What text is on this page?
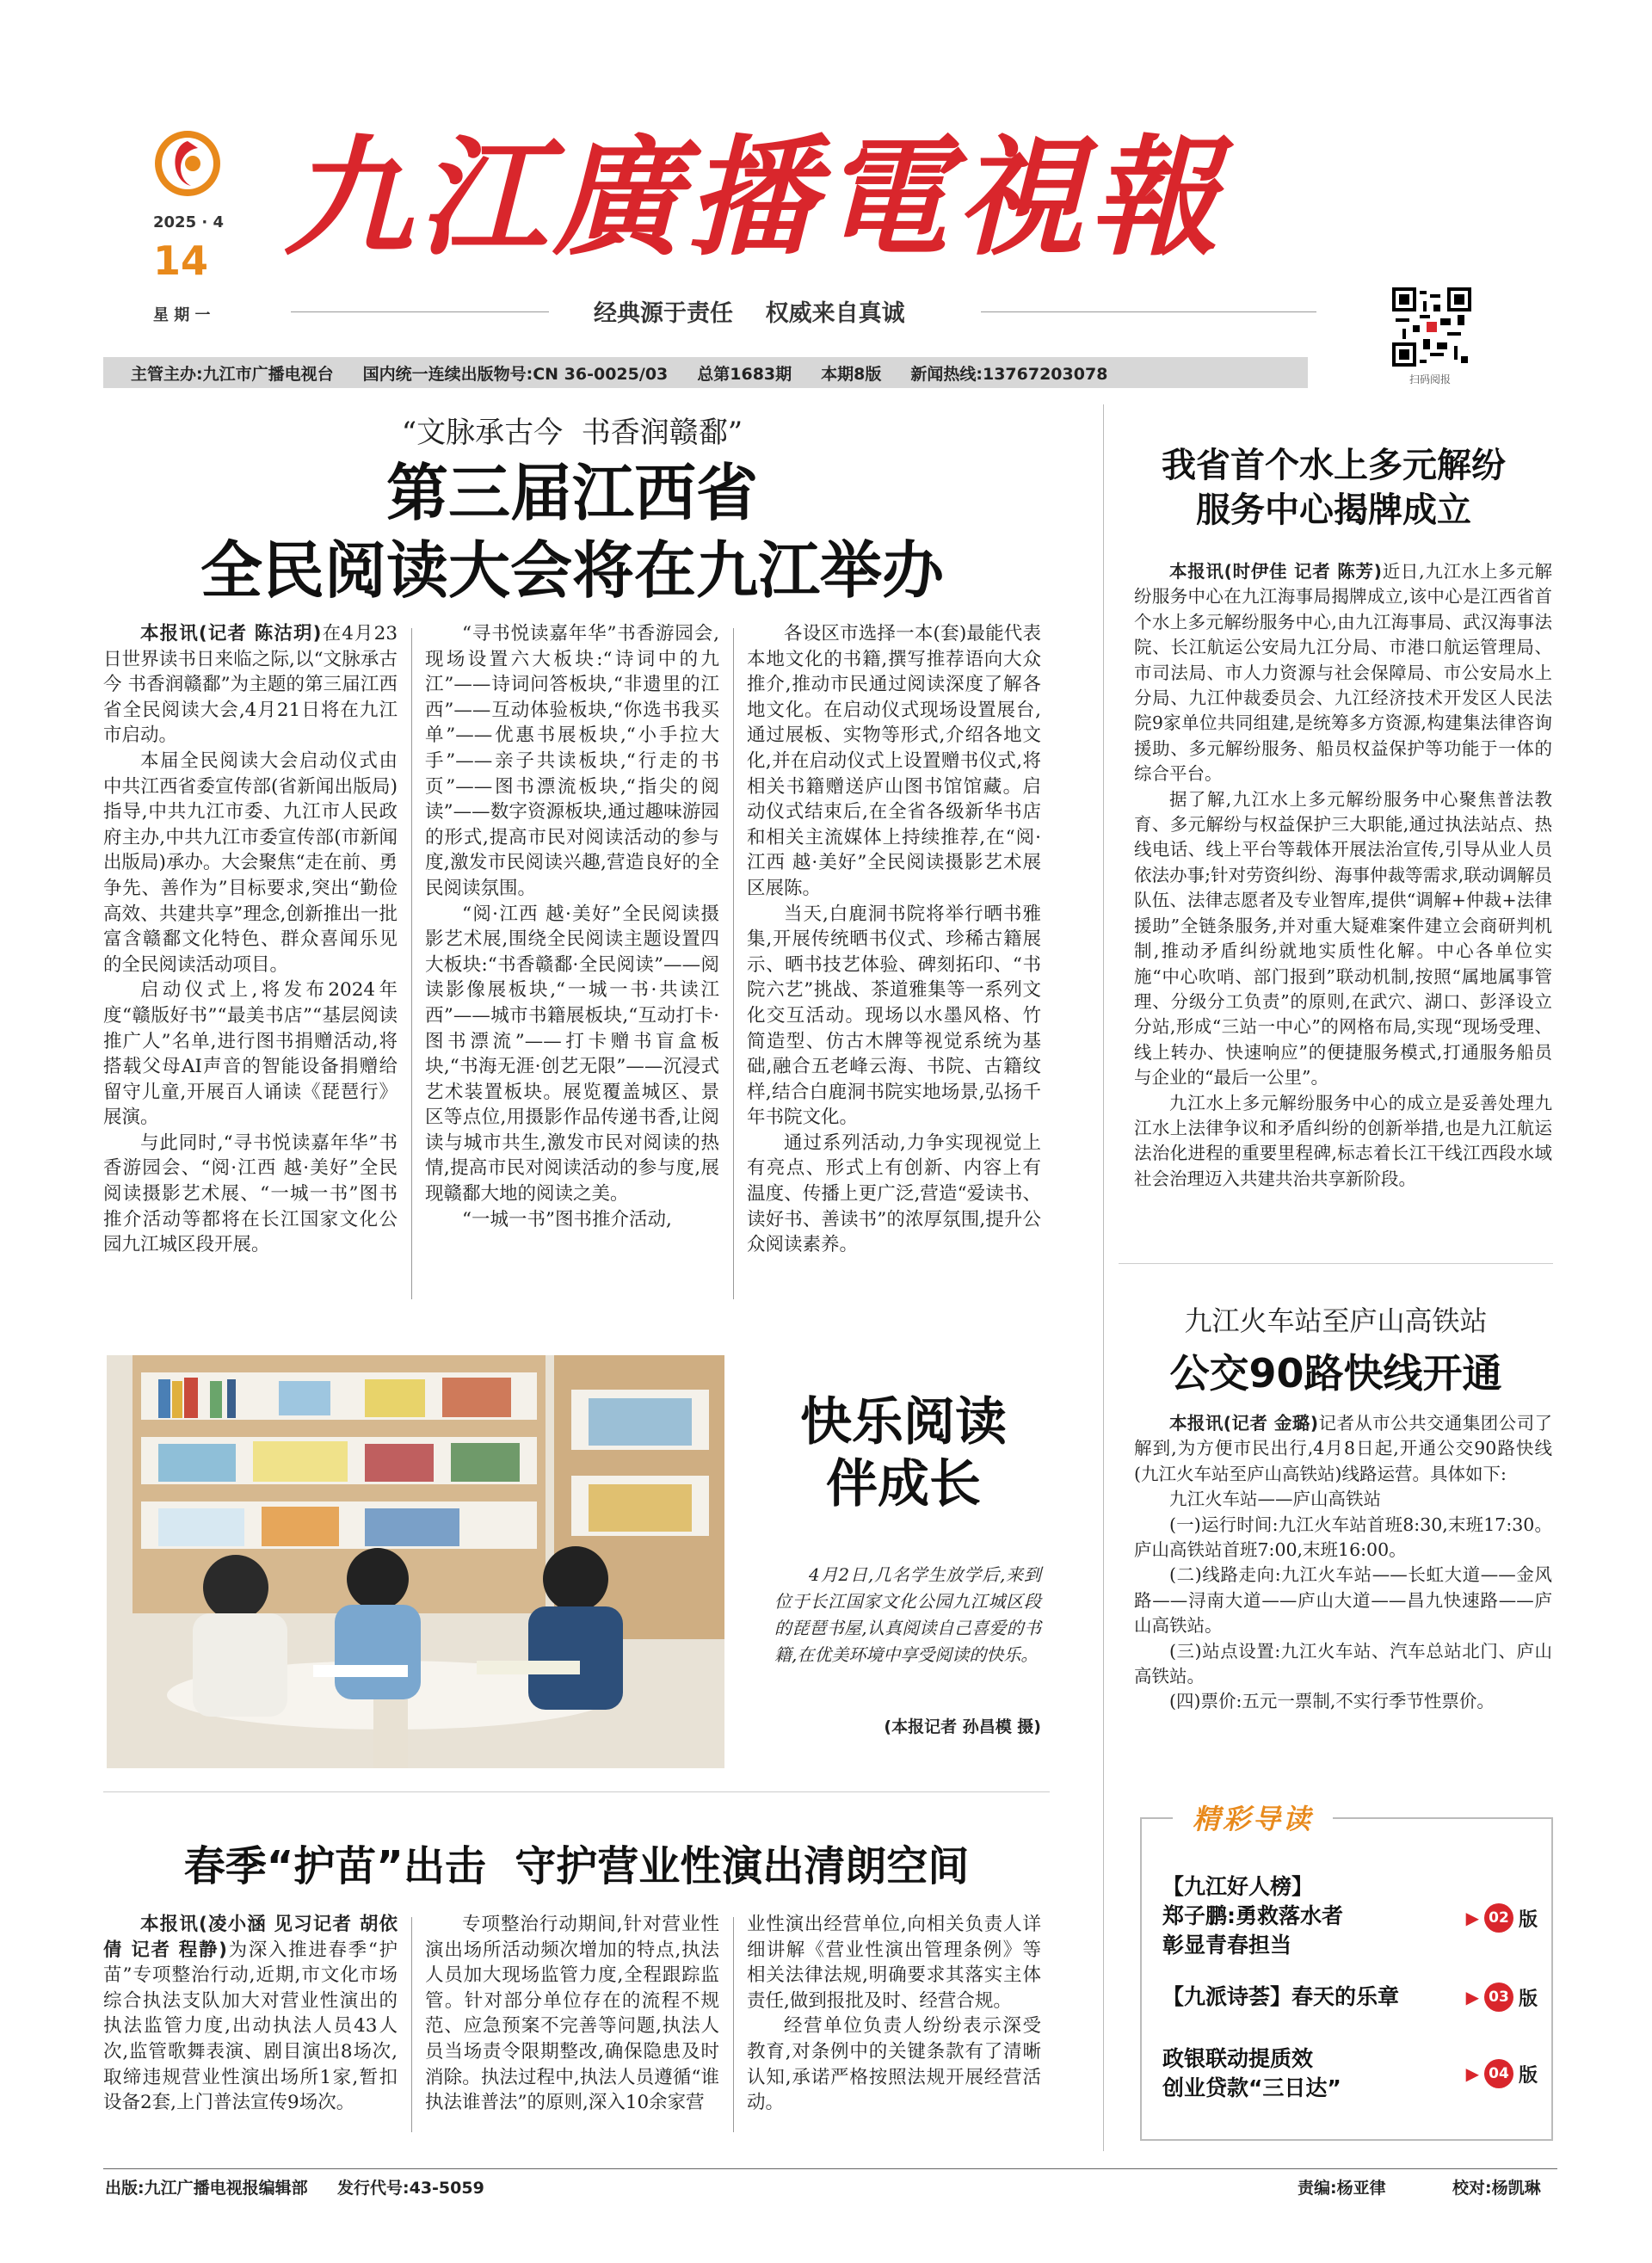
九江廣播電視報
2025 · 4
14
星 期 一	经典源于责任    权威来自真诚
扫码阅报
主管主办:九江市广播电视台 国内统一连续出版物号:CN 36-0025/03 总第1683期 本期8版 新闻热线:13767203078
“文脉承古今  书香润赣鄱”
第三届江西省
全民阅读大会将在九江举办

本报讯(记者 陈沽玥)在4月23日世界读书日来临之际,以“文脉承古今 书香润赣鄱”为主题的第三届江西省全民阅读大会,4月21日将在九江市启动。

本届全民阅读大会启动仪式由中共江西省委宣传部(省新闻出版局)指导,中共九江市委、九江市人民政府主办,中共九江市委宣传部(市新闻出版局)承办。大会聚焦“走在前、勇争先、善作为”目标要求,突出“勤俭高效、共建共享”理念,创新推出一批富含赣鄱文化特色、群众喜闻乐见的全民阅读活动项目。

启动仪式上,将发布2024年度“赣版好书”“最美书店”“基层阅读推广人”名单,进行图书捐赠活动,将搭载父母AI声音的智能设备捐赠给留守儿童,开展百人诵读《琵琶行》展演。

与此同时,“寻书悦读嘉年华”书香游园会、“阅·江西 越·美好”全民阅读摄影艺术展、“一城一书”图书推介活动等都将在长江国家文化公园九江城区段开展。

“寻书悦读嘉年华”书香游园会,现场设置六大板块:“诗词中的九江”——诗词问答板块,“非遗里的江西”——互动体验板块,“你选书我买单”——优惠书展板块,“小手拉大手”——亲子共读板块,“行走的书页”——图书漂流板块,“指尖的阅读”——数字资源板块,通过趣味游园的形式,提高市民对阅读活动的参与度,激发市民阅读兴趣,营造良好的全民阅读氛围。

“阅·江西 越·美好”全民阅读摄影艺术展,围绕全民阅读主题设置四大板块:“书香赣鄱·全民阅读”——阅读影像展板块,“一城一书·共读江西”——城市书籍展板块,“互动打卡·图书漂流”——打卡赠书盲盒板块,“书海无涯·创艺无限”——沉浸式艺术装置板块。展览覆盖城区、景区等点位,用摄影作品传递书香,让阅读与城市共生,激发市民对阅读的热情,提高市民对阅读活动的参与度,展现赣鄱大地的阅读之美。

“一城一书”图书推介活动,

各设区市选择一本(套)最能代表本地文化的书籍,撰写推荐语向大众推介,推动市民通过阅读深度了解各地文化。在启动仪式现场设置展台,通过展板、实物等形式,介绍各地文化,并在启动仪式上设置赠书仪式,将相关书籍赠送庐山图书馆馆藏。启动仪式结束后,在全省各级新华书店和相关主流媒体上持续推荐,在“阅·江西 越·美好”全民阅读摄影艺术展区展陈。

当天,白鹿洞书院将举行晒书雅集,开展传统晒书仪式、珍稀古籍展示、晒书技艺体验、碑刻拓印、“书院六艺”挑战、茶道雅集等一系列文化交互活动。现场以水墨风格、竹简造型、仿古木牌等视觉系统为基础,融合五老峰云海、书院、古籍纹样,结合白鹿洞书院实地场景,弘扬千年书院文化。

通过系列活动,力争实现视觉上有亮点、形式上有创新、内容上有温度、传播上更广泛,营造“爱读书、读好书、善读书”的浓厚氛围,提升公众阅读素养。

快乐阅读
伴成长
4月2日,几名学生放学后,来到位于长江国家文化公园九江城区段的琵琶书屋,认真阅读自己喜爱的书籍,在优美环境中享受阅读的快乐。
(本报记者 孙昌模 摄)
春季“护苗”出击  守护营业性演出清朗空间

本报讯(凌小涵 见习记者 胡依倩 记者 程静)为深入推进春季“护苗”专项整治行动,近期,市文化市场综合执法支队加大对营业性演出的执法监管力度,出动执法人员43人次,监管歌舞表演、剧目演出8场次,取缔违规营业性演出场所1家,暂扣设备2套,上门普法宣传9场次。

专项整治行动期间,针对营业性演出场所活动频次增加的特点,执法人员加大现场监管力度,全程跟踪监管。针对部分单位存在的流程不规范、应急预案不完善等问题,执法人员当场责令限期整改,确保隐患及时消除。执法过程中,执法人员遵循“谁执法谁普法”的原则,深入10余家营

业性演出经营单位,向相关负责人详细讲解《营业性演出管理条例》等相关法律法规,明确要求其落实主体责任,做到报批及时、经营合规。

经营单位负责人纷纷表示深受教育,对条例中的关键条款有了清晰认知,承诺严格按照法规开展经营活动。

我省首个水上多元解纷
服务中心揭牌成立

本报讯(时伊佳 记者 陈芳)近日,九江水上多元解纷服务中心在九江海事局揭牌成立,该中心是江西省首个水上多元解纷服务中心,由九江海事局、武汉海事法院、长江航运公安局九江分局、市港口航运管理局、市司法局、市人力资源与社会保障局、市公安局水上分局、九江仲裁委员会、九江经济技术开发区人民法院9家单位共同组建,是统筹多方资源,构建集法律咨询援助、多元解纷服务、船员权益保护等功能于一体的综合平台。

据了解,九江水上多元解纷服务中心聚焦普法教育、多元解纷与权益保护三大职能,通过执法站点、热线电话、线上平台等载体开展法治宣传,引导从业人员依法办事;针对劳资纠纷、海事仲裁等需求,联动调解员队伍、法律志愿者及专业智库,提供“调解+仲裁+法律援助”全链条服务,并对重大疑难案件建立会商研判机制,推动矛盾纠纷就地实质性化解。中心各单位实施“中心吹哨、部门报到”联动机制,按照“属地属事管理、分级分工负责”的原则,在武穴、湖口、彭泽设立分站,形成“三站一中心”的网格布局,实现“现场受理、线上转办、快速响应”的便捷服务模式,打通服务船员与企业的“最后一公里”。

九江水上多元解纷服务中心的成立是妥善处理九江水上法律争议和矛盾纠纷的创新举措,也是九江航运法治化进程的重要里程碑,标志着长江干线江西段水域社会治理迈入共建共治共享新阶段。

九江火车站至庐山高铁站
公交90路快线开通

本报讯(记者 金璐)记者从市公共交通集团公司了解到,为方便市民出行,4月8日起,开通公交90路快线(九江火车站至庐山高铁站)线路运营。具体如下:

九江火车站——庐山高铁站

(一)运行时间:九江火车站首班8:30,末班17:30。庐山高铁站首班7:00,末班16:00。

(二)线路走向:九江火车站——长虹大道——金风路——浔南大道——庐山大道——昌九快速路——庐山高铁站。

(三)站点设置:九江火车站、汽车总站北门、庐山高铁站。

(四)票价:五元一票制,不实行季节性票价。

精彩导读
【九江好人榜】
郑子鹏:勇救落水者
彰显青春担当
▶ 02 版
【九派诗荟】春天的乐章	▶ 03 版
政银联动提质效
创业贷款“三日达”
▶ 04 版
出版:九江广播电视报编辑部 发行代号:43-5059	责编:杨亚律	校对:杨凯琳
